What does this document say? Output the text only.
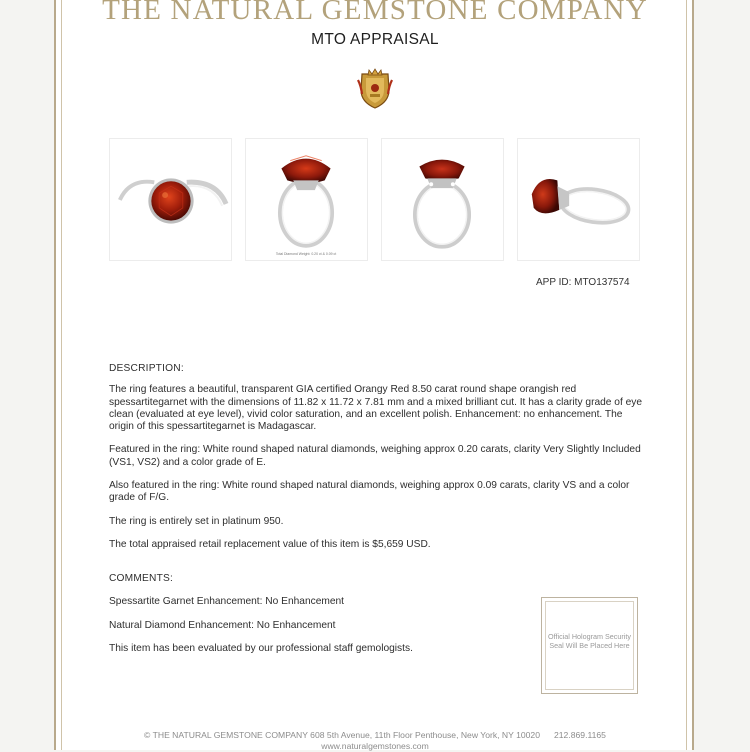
THE NATURAL GEMSTONE COMPANY
MTO APPRAISAL
Total Diamond Weight: 0.20 ct & 0.09 ct
APP ID: MTO137574
DESCRIPTION:
The ring features a beautiful, transparent GIA certified Orangy Red 8.50 carat round shape orangish red spessartitegarnet with the dimensions of 11.82 x 11.72 x 7.81 mm and a mixed brilliant cut. It has a clarity grade of eye clean (evaluated at eye level), vivid color saturation, and an excellent polish. Enhancement: no enhancement. The origin of this spessartitegarnet is Madagascar.
Featured in the ring: White round shaped natural diamonds, weighing approx 0.20 carats, clarity Very Slightly Included (VS1, VS2) and a color grade of E.
Also featured in the ring: White round shaped natural diamonds, weighing approx 0.09 carats, clarity VS and a color grade of F/G.
The ring is entirely set in platinum 950.
The total appraised retail replacement value of this item is $5,659 USD.
COMMENTS:
Spessartite Garnet Enhancement: No Enhancement
Natural Diamond Enhancement: No Enhancement
This item has been evaluated by our professional staff gemologists.
Official Hologram Security Seal Will Be Placed Here
© THE NATURAL GEMSTONE COMPANY 608 5th Avenue, 11th Floor Penthouse, New York, NY 10020 212.869.1165
www.naturalgemstones.com
